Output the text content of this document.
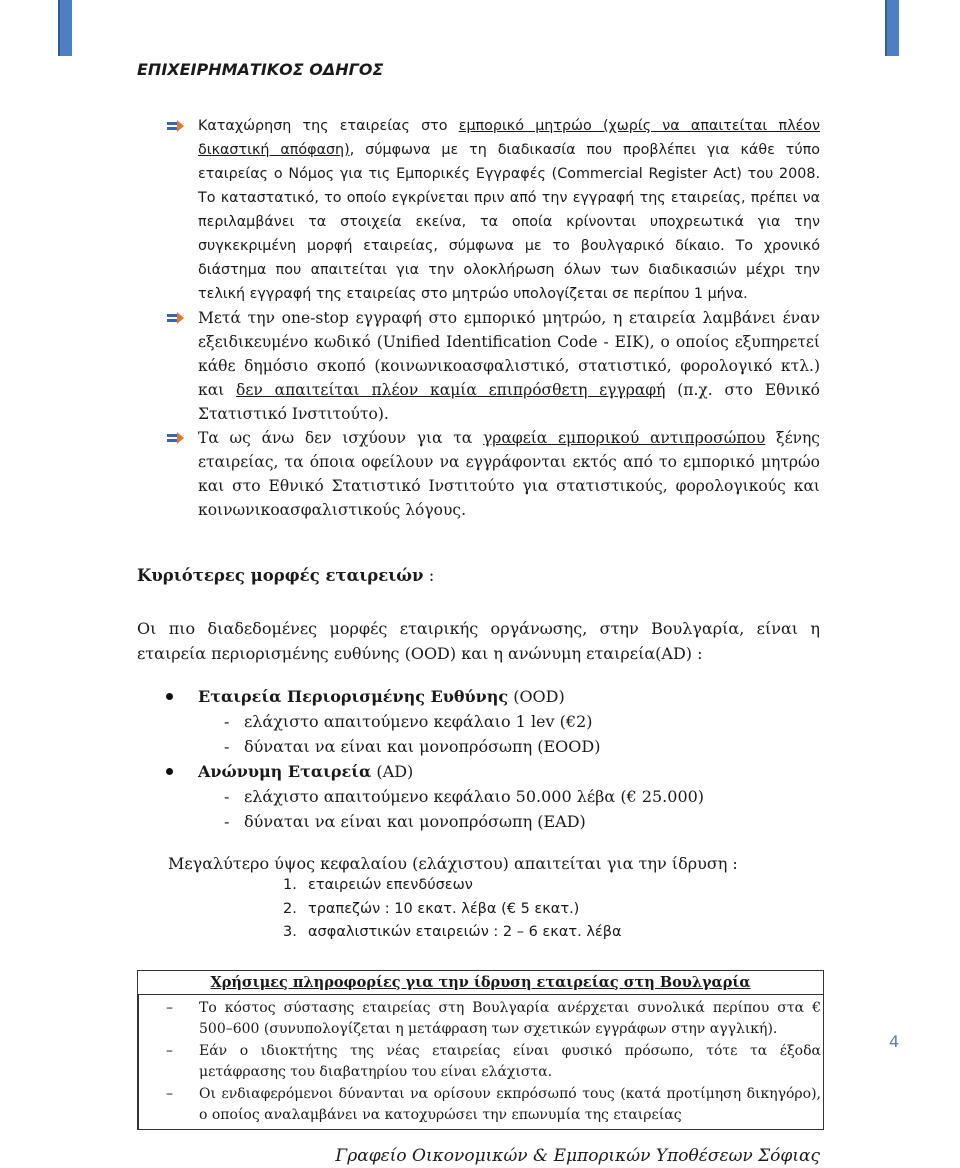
ΕΠΙΧΕΙΡΗΜΑΤΙΚΟΣ ΟΔΗΓΟΣ
Καταχώρηση της εταιρείας στο εμπορικό μητρώο (χωρίς να απαιτείται πλέον δικαστική απόφαση), σύμφωνα με τη διαδικασία που προβλέπει για κάθε τύπο εταιρείας ο Νόμος για τις Εμπορικές Εγγραφές (Commercial Register Act) του 2008. Το καταστατικό, το οποίο εγκρίνεται πριν από την εγγραφή της εταιρείας, πρέπει να περιλαμβάνει τα στοιχεία εκείνα, τα οποία κρίνονται υποχρεωτικά για την συγκεκριμένη μορφή εταιρείας, σύμφωνα με το βουλγαρικό δίκαιο. Το χρονικό διάστημα που απαιτείται για την ολοκλήρωση όλων των διαδικασιών μέχρι την τελική εγγραφή της εταιρείας στο μητρώο υπολογίζεται σε περίπου 1 μήνα.
Μετά την one-stop εγγραφή στο εμπορικό μητρώο, η εταιρεία λαμβάνει έναν εξειδικευμένο κωδικό (Unified Identification Code - ΕΙΚ), ο οποίος εξυπηρετεί κάθε δημόσιο σκοπό (κοινωνικοασφαλιστικό, στατιστικό, φορολογικό κτλ.) και δεν απαιτείται πλέον καμία επιπρόσθετη εγγραφή (π.χ. στο Εθνικό Στατιστικό Ινστιτούτο).
Τα ως άνω δεν ισχύουν για τα γραφεία εμπορικού αντιπροσώπου ξένης εταιρείας, τα όποια οφείλουν να εγγράφονται εκτός από το εμπορικό μητρώο και στο Εθνικό Στατιστικό Ινστιτούτο για στατιστικούς, φορολογικούς και κοινωνικοασφαλιστικούς λόγους.
Κυριότερες μορφές εταιρειών :
Οι πιο διαδεδομένες μορφές εταιρικής οργάνωσης, στην Βουλγαρία, είναι η εταιρεία περιορισμένης ευθύνης (OOD) και η ανώνυμη εταιρεία(AD) :
Εταιρεία Περιορισμένης Ευθύνης (OOD)
- ελάχιστο απαιτούμενο κεφάλαιο 1 lev (€2)
- δύναται να είναι και μονοπρόσωπη (EOOD)
Ανώνυμη Εταιρεία (AD)
- ελάχιστο απαιτούμενο κεφάλαιο 50.000 λέβα (€ 25.000)
- δύναται να είναι και μονοπρόσωπη (EAD)
Μεγαλύτερο ύψος κεφαλαίου (ελάχιστου) απαιτείται για την ίδρυση :
1. εταιρειών επενδύσεων
2. τραπεζών : 10 εκατ. λέβα (€ 5 εκατ.)
3. ασφαλιστικών εταιρειών : 2 – 6 εκατ. λέβα
Χρήσιμες πληροφορίες για την ίδρυση εταιρείας στη Βουλγαρία
– Το κόστος σύστασης εταιρείας στη Βουλγαρία ανέρχεται συνολικά περίπου στα € 500–600 (συνυπολογίζεται η μετάφραση των σχετικών εγγράφων στην αγγλική).
– Εάν ο ιδιοκτήτης της νέας εταιρείας είναι φυσικό πρόσωπο, τότε τα έξοδα μετάφρασης του διαβατηρίου του είναι ελάχιστα.
– Οι ενδιαφερόμενοι δύνανται να ορίσουν εκπρόσωπό τους (κατά προτίμηση δικηγόρο), ο οποίος αναλαμβάνει να κατοχυρώσει την επωνυμία της εταιρείας
4
Γραφείο Οικονομικών & Εμπορικών Υποθέσεων Σόφιας
